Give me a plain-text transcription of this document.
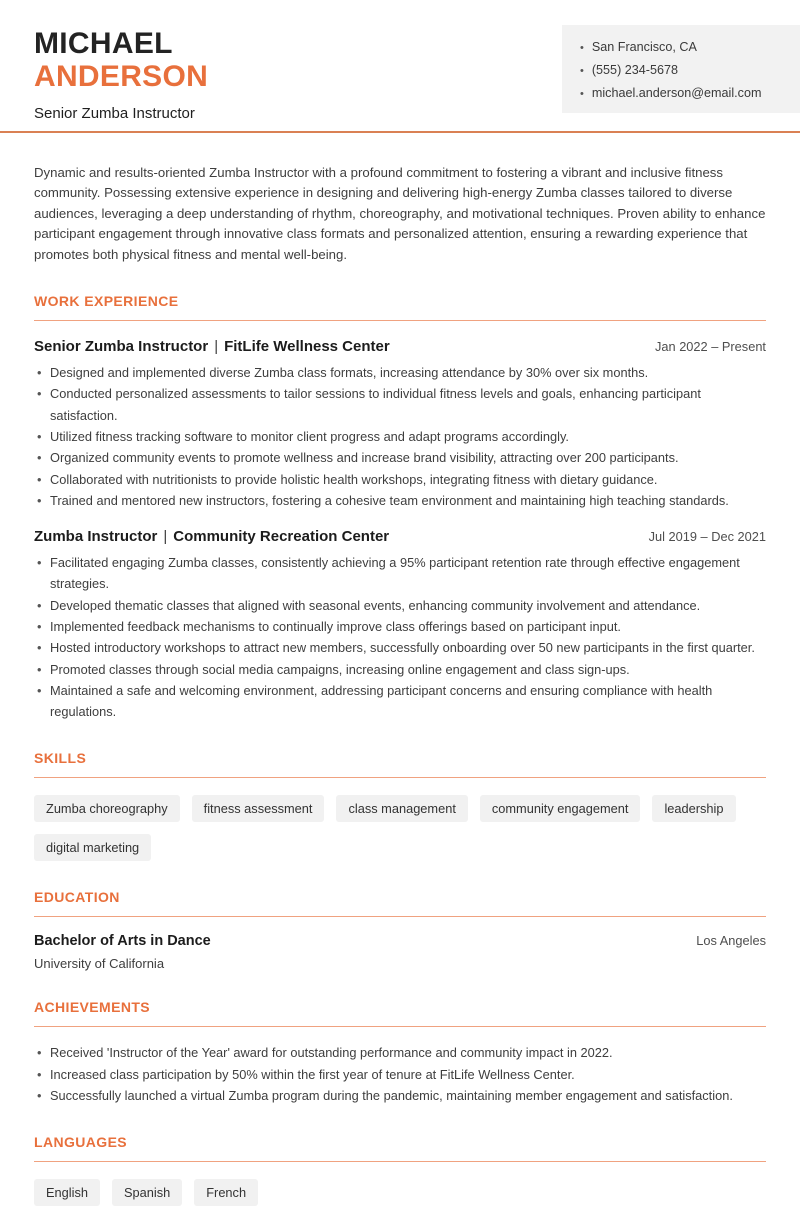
MICHAEL
ANDERSON
Senior Zumba Instructor
• San Francisco, CA
• (555) 234-5678
• michael.anderson@email.com

Dynamic and results-oriented Zumba Instructor with a profound commitment to fostering a vibrant and inclusive fitness community. Possessing extensive experience in designing and delivering high-energy Zumba classes tailored to diverse audiences, leveraging a deep understanding of rhythm, choreography, and motivational techniques. Proven ability to enhance participant engagement through innovative class formats and personalized attention, ensuring a rewarding experience that promotes both physical fitness and mental well-being.

WORK EXPERIENCE
Senior Zumba Instructor | FitLife Wellness Center	Jan 2022 – Present
• Designed and implemented diverse Zumba class formats, increasing attendance by 30% over six months.
• Conducted personalized assessments to tailor sessions to individual fitness levels and goals, enhancing participant satisfaction.
• Utilized fitness tracking software to monitor client progress and adapt programs accordingly.
• Organized community events to promote wellness and increase brand visibility, attracting over 200 participants.
• Collaborated with nutritionists to provide holistic health workshops, integrating fitness with dietary guidance.
• Trained and mentored new instructors, fostering a cohesive team environment and maintaining high teaching standards.
Zumba Instructor | Community Recreation Center	Jul 2019 – Dec 2021
• Facilitated engaging Zumba classes, consistently achieving a 95% participant retention rate through effective engagement strategies.
• Developed thematic classes that aligned with seasonal events, enhancing community involvement and attendance.
• Implemented feedback mechanisms to continually improve class offerings based on participant input.
• Hosted introductory workshops to attract new members, successfully onboarding over 50 new participants in the first quarter.
• Promoted classes through social media campaigns, increasing online engagement and class sign-ups.
• Maintained a safe and welcoming environment, addressing participant concerns and ensuring compliance with health regulations.
SKILLS
Zumba choreography	fitness assessment	class management	community engagement	leadership
digital marketing
EDUCATION
Bachelor of Arts in Dance	Los Angeles
University of California
ACHIEVEMENTS
• Received 'Instructor of the Year' award for outstanding performance and community impact in 2022.
• Increased class participation by 50% within the first year of tenure at FitLife Wellness Center.
• Successfully launched a virtual Zumba program during the pandemic, maintaining member engagement and satisfaction.
LANGUAGES
English	Spanish	French
